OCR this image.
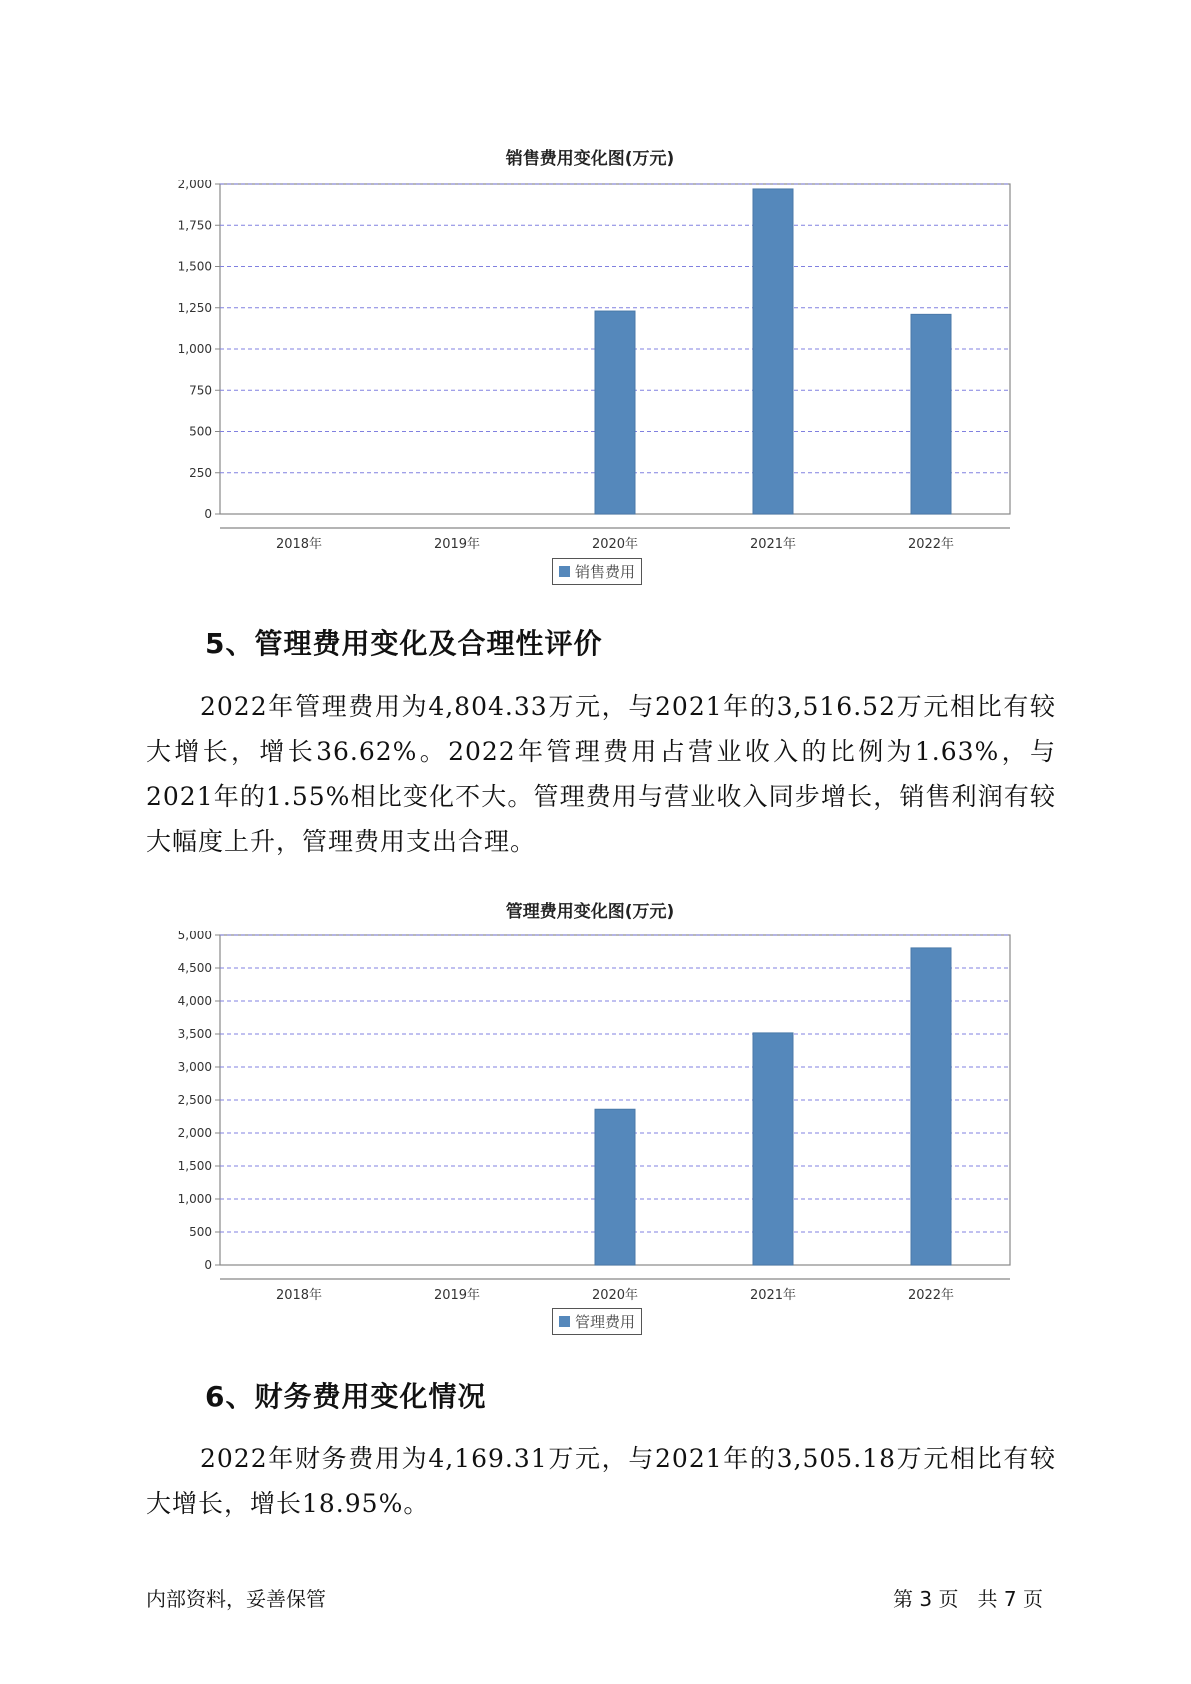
销售费用变化图(万元)
0
250
500
750
1,000
1,250
1,500
1,750
2,000
2018年	2019年	2020年	2021年	2022年
销售费用
5、管理费用变化及合理性评价

2022年管理费用为4,804.33万元，与2021年的3,516.52万元相比有较大增长，增长36.62%。2022年管理费用占营业收入的比例为1.63%，与2021年的1.55%相比变化不大。管理费用与营业收入同步增长，销售利润有较大幅度上升，管理费用支出合理。

管理费用变化图(万元)
0
500
1,000
1,500
2,000
2,500
3,000
3,500
4,000
4,500
5,000
2018年	2019年	2020年	2021年	2022年
管理费用
6、财务费用变化情况

2022年财务费用为4,169.31万元，与2021年的3,505.18万元相比有较大增长，增长18.95%。

内部资料，妥善保管	第 3 页   共 7 页
